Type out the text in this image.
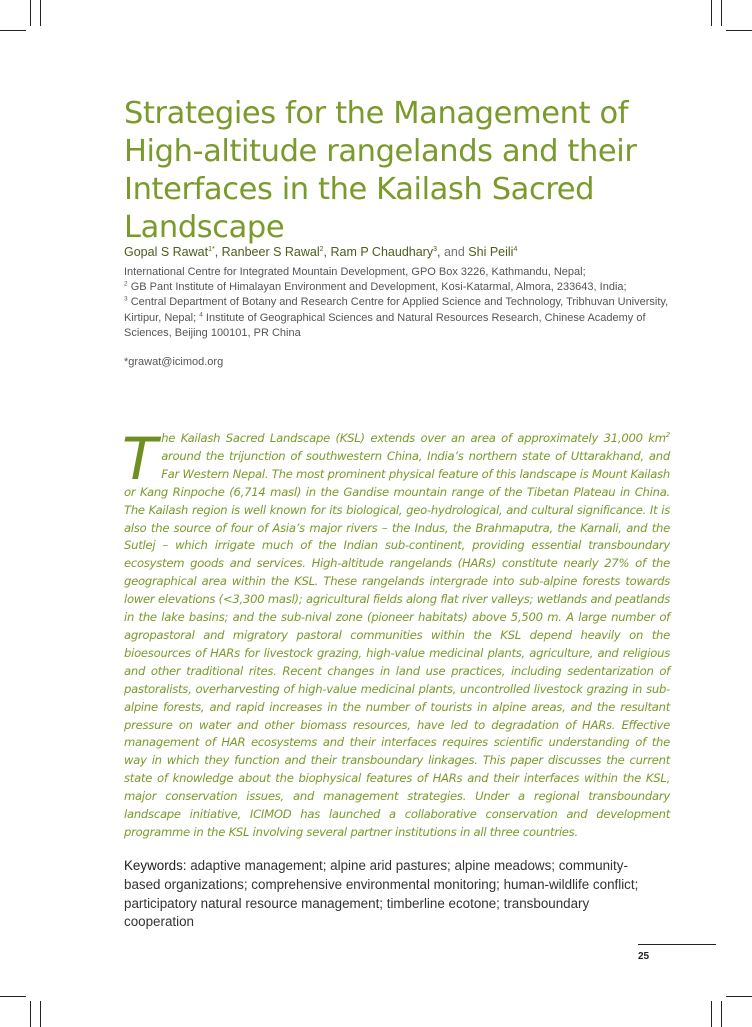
Strategies for the Management of High-altitude rangelands and their Interfaces in the Kailash Sacred Landscape
Gopal S Rawat$^{1*}$, Ranbeer S Rawal$^2$, Ram P Chaudhary$^3$, and Shi Peili$^4$
International Centre for Integrated Mountain Development, GPO Box 3226, Kathmandu, Nepal;
$^2$ GB Pant Institute of Himalayan Environment and Development, Kosi-Katarmal, Almora, 233643, India;
$^3$ Central Department of Botany and Research Centre for Applied Science and Technology, Tribhuvan University, Kirtipur, Nepal; $^4$ Institute of Geographical Sciences and Natural Resources Research, Chinese Academy of Sciences, Beijing 100101, PR China
*grawat@icimod.org

The Kailash Sacred Landscape (KSL) extends over an area of approximately 31,000 $km^2$ around the trijunction of southwestern China, India’s northern state of Uttarakhand, and Far Western Nepal. The most prominent physical feature of this landscape is Mount Kailash or Kang Rinpoche (6,714 masl) in the Gandise mountain range of the Tibetan Plateau in China. The Kailash region is well known for its biological, geo-hydrological, and cultural significance. It is also the source of four of Asia’s major rivers – the Indus, the Brahmaputra, the Karnali, and the Sutlej – which irrigate much of the Indian sub-continent, providing essential transboundary ecosystem goods and services. High-altitude rangelands (HARs) constitute nearly 27% of the geographical area within the KSL. These rangelands intergrade into sub-alpine forests towards lower elevations (<3,300 masl); agricultural fields along flat river valleys; wetlands and peatlands in the lake basins; and the sub-nival zone (pioneer habitats) above 5,500 m. A large number of agropastoral and migratory pastoral communities within the KSL depend heavily on the bioesources of HARs for livestock grazing, high-value medicinal plants, agriculture, and religious and other traditional rites. Recent changes in land use practices, including sedentarization of pastoralists, overharvesting of high-value medicinal plants, uncontrolled livestock grazing in sub-alpine forests, and rapid increases in the number of tourists in alpine areas, and the resultant pressure on water and other biomass resources, have led to degradation of HARs. Effective management of HAR ecosystems and their interfaces requires scientific understanding of the way in which they function and their transboundary linkages. This paper discusses the current state of knowledge about the biophysical features of HARs and their interfaces within the KSL, major conservation issues, and management strategies. Under a regional transboundary landscape initiative, ICIMOD has launched a collaborative conservation and development programme in the KSL involving several partner institutions in all three countries.

Keywords: adaptive management; alpine arid pastures; alpine meadows; community-based organizations; comprehensive environmental monitoring; human-wildlife conflict; participatory natural resource management; timberline ecotone; transboundary cooperation
25
